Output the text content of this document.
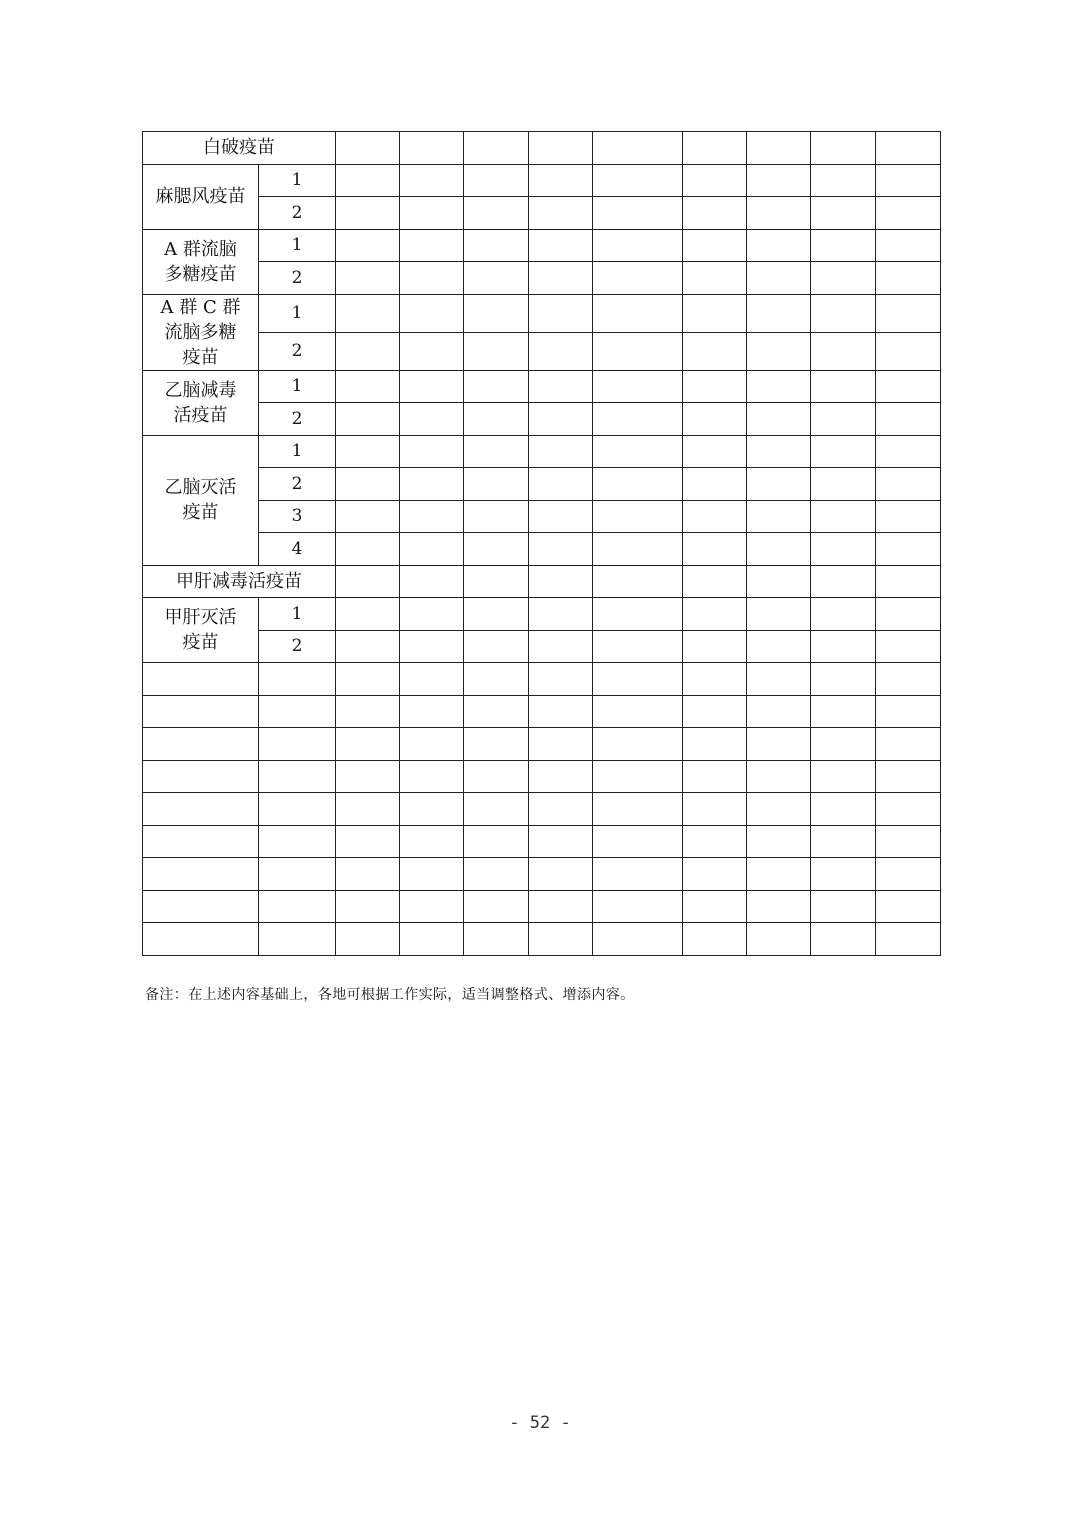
白破疫苗										
麻腮风疫苗	1									
	2									
A 群流脑
多糖疫苗	1									
	2									
A 群 C 群
流脑多糖
疫苗	1									
	2									
乙脑减毒
活疫苗	1									
	2									
乙脑灭活
疫苗	1									
	2									
	3									
	4									
甲肝减毒活疫苗										
甲肝灭活
疫苗	1									
	2									

备注：在上述内容基础上，各地可根据工作实际，适当调整格式、增添内容。
- 52 -
